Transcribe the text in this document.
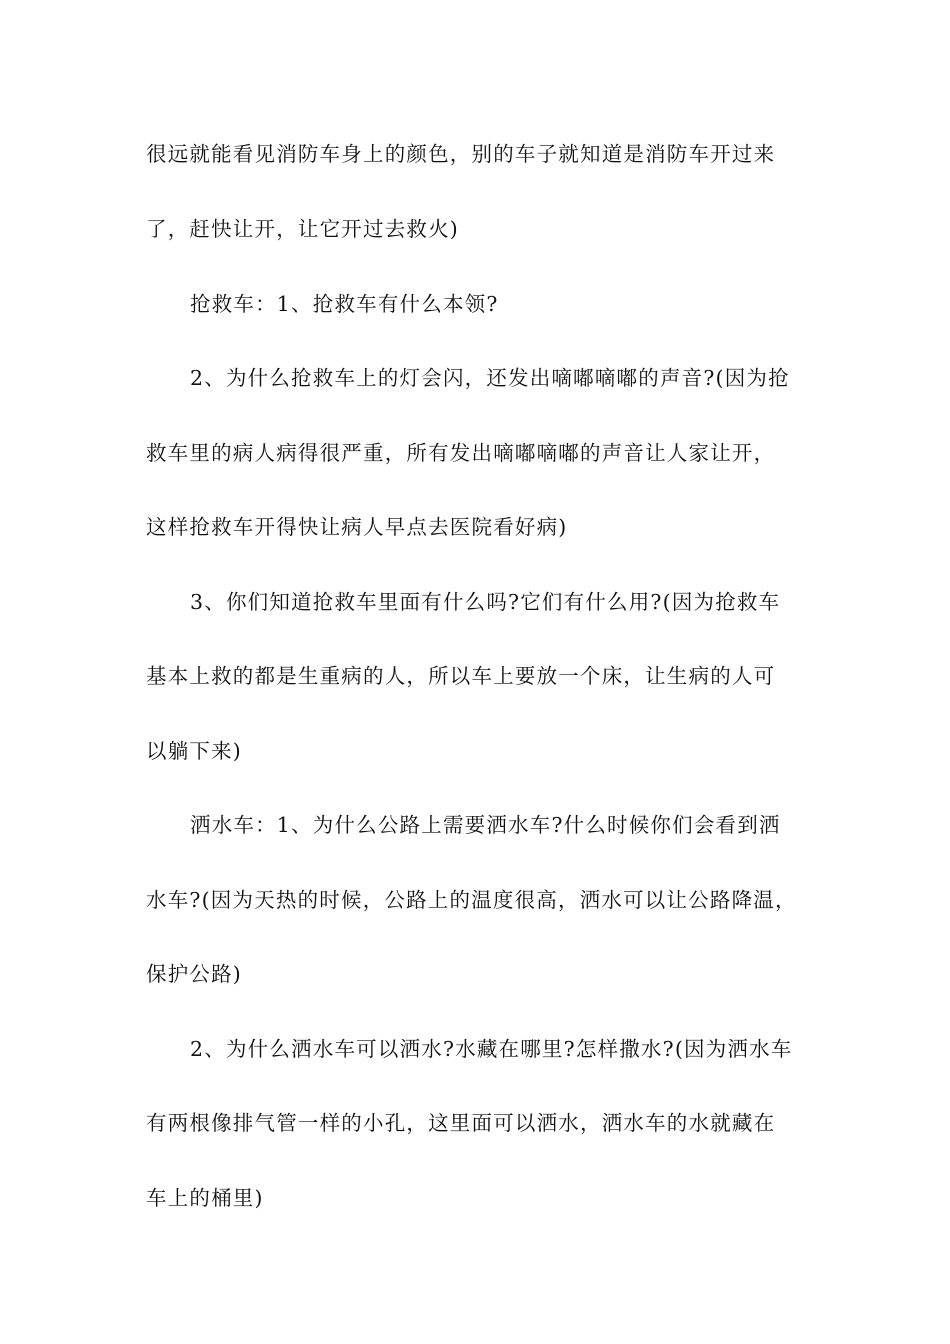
很远就能看见消防车身上的颜色，别的车子就知道是消防车开过来
了，赶快让开，让它开过去救火)
抢救车：1、抢救车有什么本领?
2、为什么抢救车上的灯会闪，还发出嘀嘟嘀嘟的声音?(因为抢
救车里的病人病得很严重，所有发出嘀嘟嘀嘟的声音让人家让开，
这样抢救车开得快让病人早点去医院看好病)
3、你们知道抢救车里面有什么吗?它们有什么用?(因为抢救车
基本上救的都是生重病的人，所以车上要放一个床，让生病的人可
以躺下来)
洒水车：1、为什么公路上需要洒水车?什么时候你们会看到洒
水车?(因为天热的时候，公路上的温度很高，洒水可以让公路降温，
保护公路)
2、为什么洒水车可以洒水?水藏在哪里?怎样撒水?(因为洒水车
有两根像排气管一样的小孔，这里面可以洒水，洒水车的水就藏在
车上的桶里)
